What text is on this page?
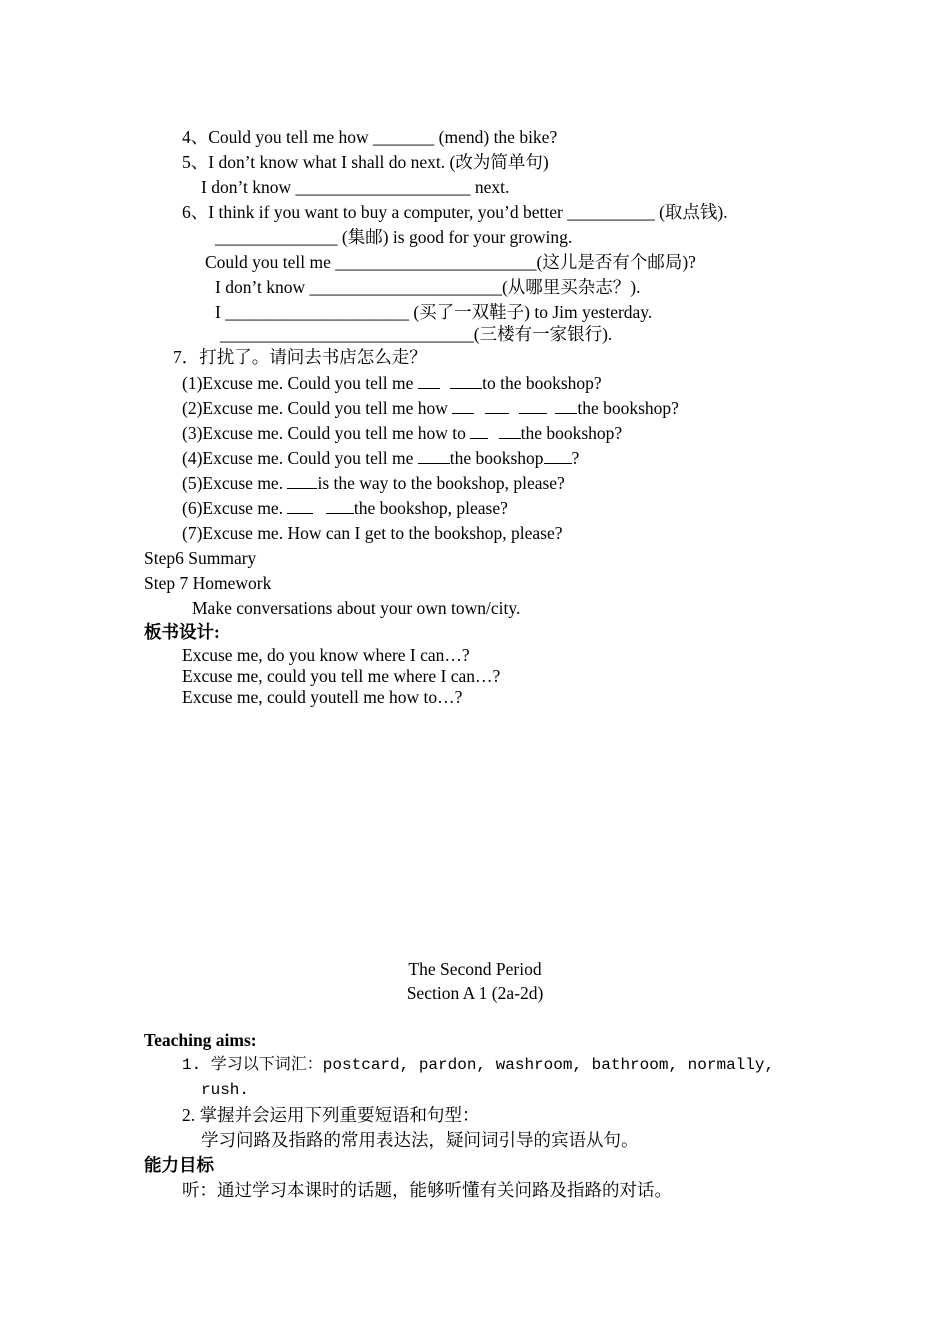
4、Could you tell me how _______ (mend) the bike?
5、I don’t know what I shall do next. (改为简单句)
I don’t know ____________________ next.
6、I think if you want to buy a computer, you’d better __________ (取点钱).
______________ (集邮) is good for your growing.
Could you tell me _______________________(这儿是否有个邮局)?
I don’t know ______________________(从哪里买杂志？).
I _____________________ (买了一双鞋子) to Jim yesterday.
_____________________________(三楼有一家银行).
7．打扰了。请问去书店怎么走？
(1)Excuse me. Could you tell me	to the bookshop?
(2)Excuse me. Could you tell me how	the bookshop?
(3)Excuse me. Could you tell me how to	the bookshop?
(4)Excuse me. Could you tell me the bookshop ?
(5)Excuse me. is the way to the bookshop, please?
(6)Excuse me.	the bookshop, please?
(7)Excuse me. How can I get to the bookshop, please?
Step6 Summary
Step 7 Homework
Make conversations about your own town/city.
板书设计:
Excuse me, do you know where I can…?
Excuse me, could you tell me where I can…?
Excuse me, could youtell me how to…?
The Second Period
Section A 1 (2a-2d)
Teaching aims:
1. 学习以下词汇：postcard, pardon, washroom, bathroom, normally,
rush.
2. 掌握并会运用下列重要短语和句型：
学习问路及指路的常用表达法，疑问词引导的宾语从句。
能力目标
听：通过学习本课时的话题，能够听懂有关问路及指路的对话。
